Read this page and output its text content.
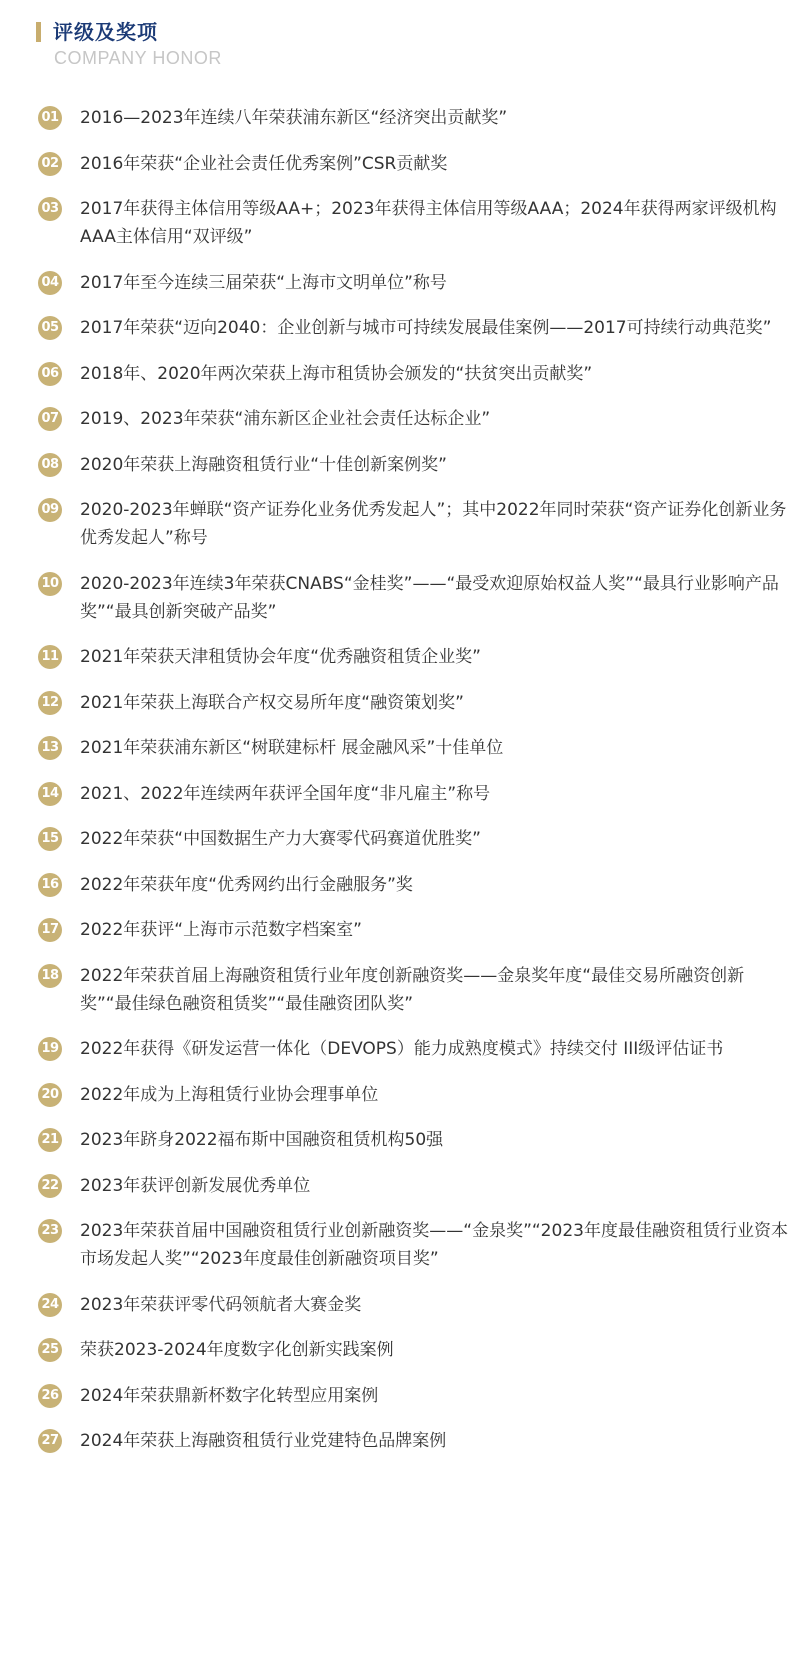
评级及奖项
COMPANY HONOR
01 2016—2023年连续八年荣获浦东新区“经济突出贡献奖”
02 2016年荣获“企业社会责任优秀案例”CSR贡献奖
03 2017年获得主体信用等级AA+；2023年获得主体信用等级AAA；2024年获得两家评级机构AAA主体信用“双评级”
04 2017年至今连续三届荣获“上海市文明单位”称号
05 2017年荣获“迈向2040：企业创新与城市可持续发展最佳案例——2017可持续行动典范奖”
06 2018年、2020年两次荣获上海市租赁协会颁发的“扶贫突出贡献奖”
07 2019、2023年荣获“浦东新区企业社会责任达标企业”
08 2020年荣获上海融资租赁行业“十佳创新案例奖”
09 2020-2023年蝉联“资产证券化业务优秀发起人”；其中2022年同时荣获“资产证券化创新业务优秀发起人”称号
10 2020-2023年连续3年荣获CNABS“金桂奖”——“最受欢迎原始权益人奖”“最具行业影响产品奖”“最具创新突破产品奖”
11 2021年荣获天津租赁协会年度“优秀融资租赁企业奖”
12 2021年荣获上海联合产权交易所年度“融资策划奖”
13 2021年荣获浦东新区“树联建标杆 展金融风采”十佳单位
14 2021、2022年连续两年获评全国年度“非凡雇主”称号
15 2022年荣获“中国数据生产力大赛零代码赛道优胜奖”
16 2022年荣获年度“优秀网约出行金融服务”奖
17 2022年获评“上海市示范数字档案室”
18 2022年荣获首届上海融资租赁行业年度创新融资奖——金泉奖年度“最佳交易所融资创新奖”“最佳绿色融资租赁奖”“最佳融资团队奖”
19 2022年获得《研发运营一体化（DEVOPS）能力成熟度模式》持续交付 III级评估证书
20 2022年成为上海租赁行业协会理事单位
21 2023年跻身2022福布斯中国融资租赁机构50强
22 2023年获评创新发展优秀单位
23 2023年荣获首届中国融资租赁行业创新融资奖——“金泉奖”“2023年度最佳融资租赁行业资本市场发起人奖”“2023年度最佳创新融资项目奖”
24 2023年荣获评零代码领航者大赛金奖
25 荣获2023-2024年度数字化创新实践案例
26 2024年荣获鼎新杯数字化转型应用案例
27 2024年荣获上海融资租赁行业党建特色品牌案例
